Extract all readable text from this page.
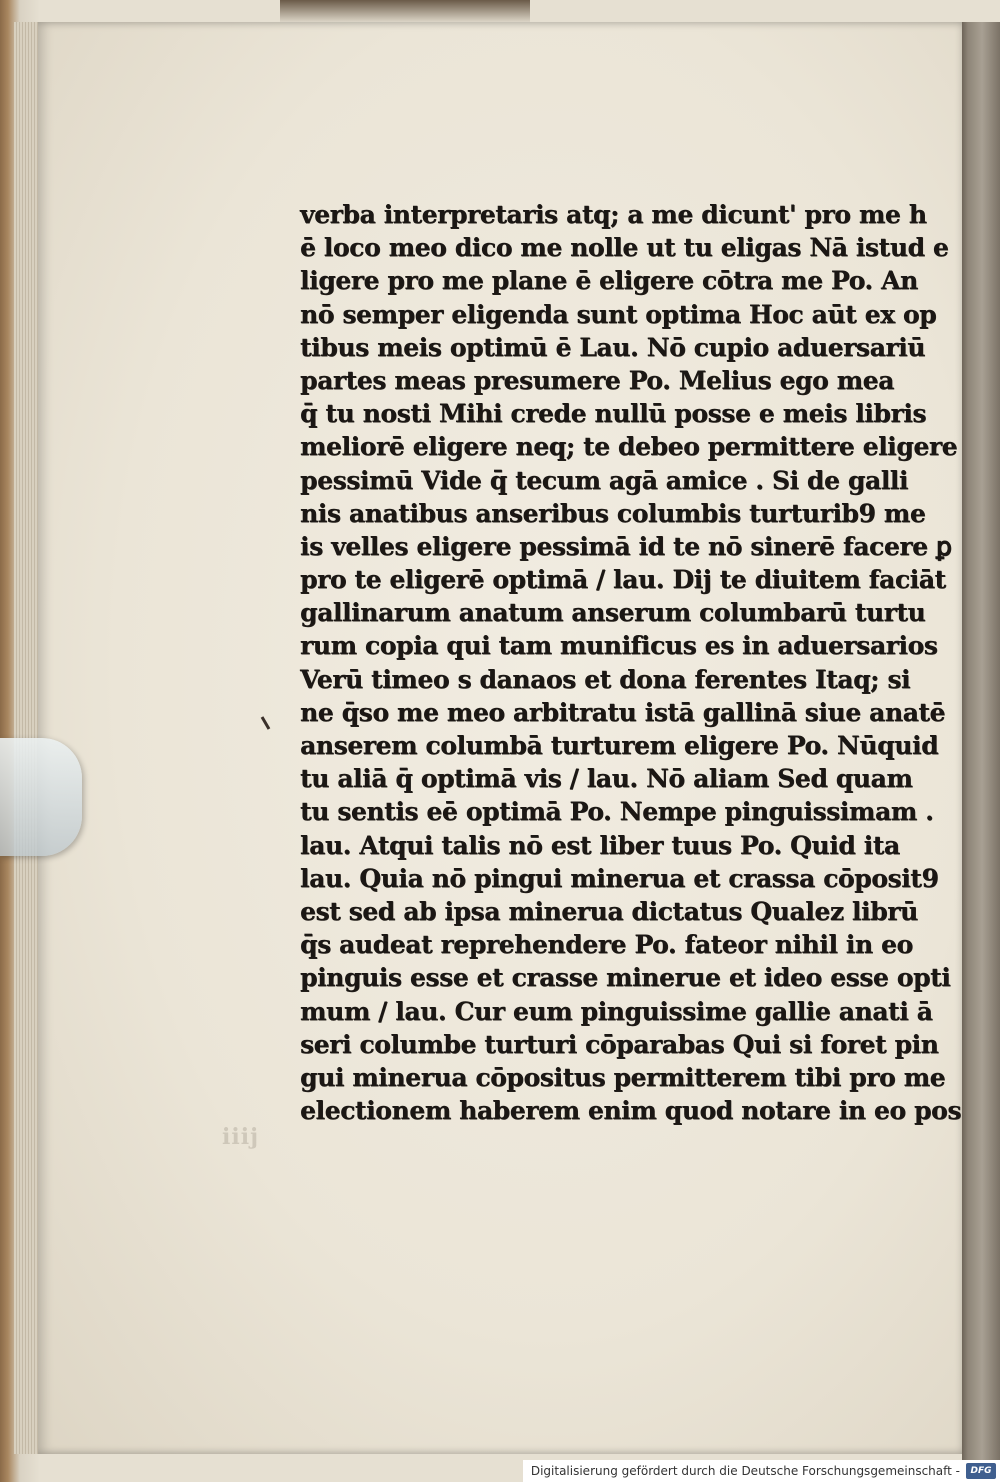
verba interpretaris atq; a me dicunt' pro me h
ē loco meo dico me nolle ut tu eligas Nā istud e
ligere pro me plane ē eligere cōtra me Po. An
nō semper eligenda sunt optima Hoc aūt ex op
tibus meis optimū ē Lau. Nō cupio aduersariū
partes meas presumere Po. Melius ego mea
q̄ tu nosti Mihi crede nullū posse e meis libris
meliorē eligere neq; te debeo permittere eligere
pessimū Vide q̄ tecum agā amice . Si de galli
nis anatibus anseribus columbis turturib9 me
is velles eligere pessimā id te nō sinerē facere ꝑ
pro te eligerē optimā / lau. Dij te diuitem faciāt
gallinarum anatum anserum columbarū turtu
rum copia qui tam munificus es in aduersarios
Verū timeo s danaos et dona ferentes Itaq; si
ne q̄so me meo arbitratu istā gallinā siue anatē
anserem columbā turturem eligere Po. Nūquid
tu aliā q̄ optimā vis / lau. Nō aliam Sed quam
tu sentis eē optimā Po. Nempe pinguissimam .
lau. Atqui talis nō est liber tuus Po. Quid ita
lau. Quia nō pingui minerua et crassa cōposit9
est sed ab ipsa minerua dictatus Qualez librū
q̄s audeat reprehendere Po. fateor nihil in eo
pinguis esse et crasse minerue et ideo esse opti
mum / lau. Cur eum pinguissime gallie anati ā
seri columbe turturi cōparabas Qui si foret pin
gui minerua cōpositus permitterem tibi pro me
electionem haberem enim quod notare in eo pos
iiij
Digitalisierung gefördert durch die Deutsche Forschungsgemeinschaft - DFG
